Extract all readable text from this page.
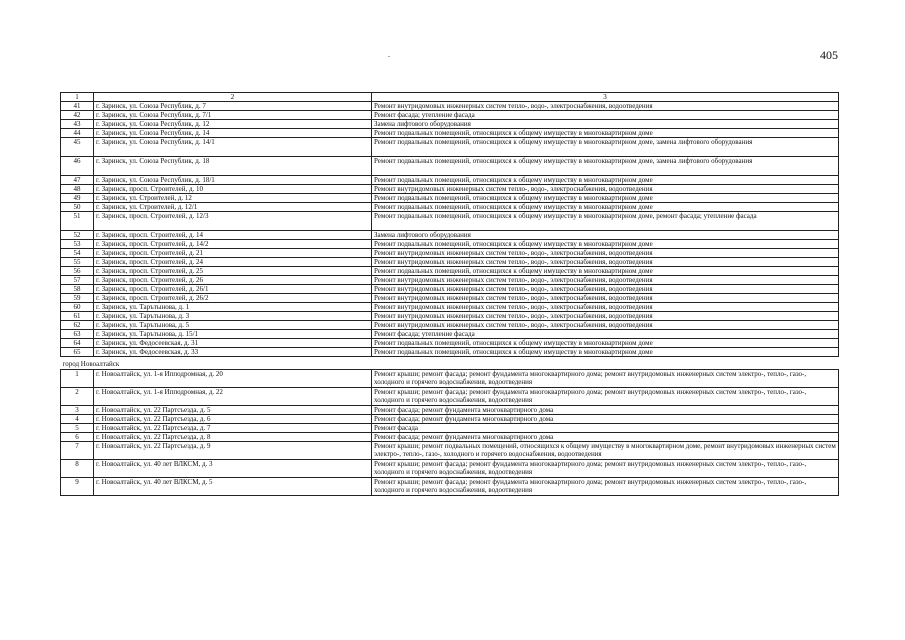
.	405
1	2	3
41	г. Заринск, ул. Союза Республик, д. 7	Ремонт внутридомовых инженерных систем тепло-, водо-, электроснабжения, водоотведения
42	г. Заринск, ул. Союза Республик, д. 7/1	Ремонт фасада; утепление фасада
43	г. Заринск, ул. Союза Республик, д. 12	Замена лифтового оборудования
44	г. Заринск, ул. Союза Республик, д. 14	Ремонт подвальных помещений, относящихся к общему имуществу в многоквартирном доме
45	г. Заринск, ул. Союза Республик, д. 14/1	Ремонт подвальных помещений, относящихся к общему имуществу в многоквартирном доме, замена лифтового оборудования
46	г. Заринск, ул. Союза Республик, д. 18	Ремонт подвальных помещений, относящихся к общему имуществу в многоквартирном доме, замена лифтового оборудования
47	г. Заринск, ул. Союза Республик, д. 18/1	Ремонт подвальных помещений, относящихся к общему имуществу в многоквартирном доме
48	г. Заринск, просп. Строителей, д. 10	Ремонт внутридомовых инженерных систем тепло-, водо-, электроснабжения, водоотведения
49	г. Заринск, ул. Строителей, д. 12	Ремонт подвальных помещений, относящихся к общему имуществу в многоквартирном доме
50	г. Заринск, ул. Строителей, д. 12/1	Ремонт подвальных помещений, относящихся к общему имуществу в многоквартирном доме
51	г. Заринск, просп. Строителей, д. 12/3	Ремонт подвальных помещений, относящихся к общему имуществу в многоквартирном доме, ремонт фасада; утепление фасада
52	г. Заринск, просп. Строителей, д. 14	Замена лифтового оборудования
53	г. Заринск, просп. Строителей, д. 14/2	Ремонт подвальных помещений, относящихся к общему имуществу в многоквартирном доме
54	г. Заринск, просп. Строителей, д. 21	Ремонт внутридомовых инженерных систем тепло-, водо-, электроснабжения, водоотведения
55	г. Заринск, просп. Строителей, д. 24	Ремонт внутридомовых инженерных систем тепло-, водо-, электроснабжения, водоотведения
56	г. Заринск, просп. Строителей, д. 25	Ремонт подвальных помещений, относящихся к общему имуществу в многоквартирном доме
57	г. Заринск, просп. Строителей, д. 26	Ремонт внутридомовых инженерных систем тепло-, водо-, электроснабжения, водоотведения
58	г. Заринск, просп. Строителей, д. 26/1	Ремонт внутридомовых инженерных систем тепло-, водо-, электроснабжения, водоотведения
59	г. Заринск, просп. Строителей, д. 26/2	Ремонт внутридомовых инженерных систем тепло-, водо-, электроснабжения, водоотведения
60	г. Заринск, ул. Тарътынова, д. 1	Ремонт внутридомовых инженерных систем тепло-, водо-, электроснабжения, водоотведения
61	г. Заринск, ул. Тарътынова, д. 3	Ремонт внутридомовых инженерных систем тепло-, водо-, электроснабжения, водоотведения
62	г. Заринск, ул. Тарътынова, д. 5	Ремонт внутридомовых инженерных систем тепло-, водо-, электроснабжения, водоотведения
63	г. Заринск, ул. Тарътынова, д. 15/1	Ремонт фасада; утепление фасада
64	г. Заринск, ул. Федосеевская, д. 31	Ремонт подвальных помещений, относящихся к общему имуществу в многоквартирном доме
65	г. Заринск, ул. Федосеевская, д. 33	Ремонт подвальных помещений, относящихся к общему имуществу в многоквартирном доме
город Новоалтайск		
1	г. Новоалтайск, ул. 1-я Ипподромная, д. 20	Ремонт крыши; ремонт фасада; ремонт фундамента многоквартирного дома; ремонт внутридомовых инженерных систем электро-, тепло-, газо-, холодного и горячего водоснабжения, водоотведения
2	г. Новоалтайск, ул. 1-я Ипподромная, д. 22	Ремонт крыши; ремонт фасада; ремонт фундамента многоквартирного дома; ремонт внутридомовых инженерных систем электро-, тепло-, газо-, холодного и горячего водоснабжения, водоотведения
3	г. Новоалтайск, ул. 22 Партсъезда, д. 5	Ремонт фасада; ремонт фундамента многоквартирного дома
4	г. Новоалтайск, ул. 22 Партсъезда, д. 6	Ремонт фасада; ремонт фундамента многоквартирного дома
5	г. Новоалтайск, ул. 22 Партсъезда, д. 7	Ремонт фасада
6	г. Новоалтайск, ул. 22 Партсъезда, д. 8	Ремонт фасада; ремонт фундамента многоквартирного дома
7	г. Новоалтайск, ул. 22 Партсъезда, д. 9	Ремонт крыши; ремонт подвальных помещений, относящихся к общему имуществу в многоквартирном доме, ремонт внутридомовых инженерных систем электро-, тепло-, газо-, холодного и горячего водоснабжения, водоотведения
8	г. Новоалтайск, ул. 40 лет ВЛКСМ, д. 3	Ремонт крыши; ремонт фасада; ремонт фундамента многоквартирного дома; ремонт внутридомовых инженерных систем электро-, тепло-, газо-, холодного и горячего водоснабжения, водоотведения
9	г. Новоалтайск, ул. 40 лет ВЛКСМ, д. 5	Ремонт крыши; ремонт фасада; ремонт фундамента многоквартирного дома; ремонт внутридомовых инженерных систем электро-, тепло-, газо-, холодного и горячего водоснабжения, водоотведения
